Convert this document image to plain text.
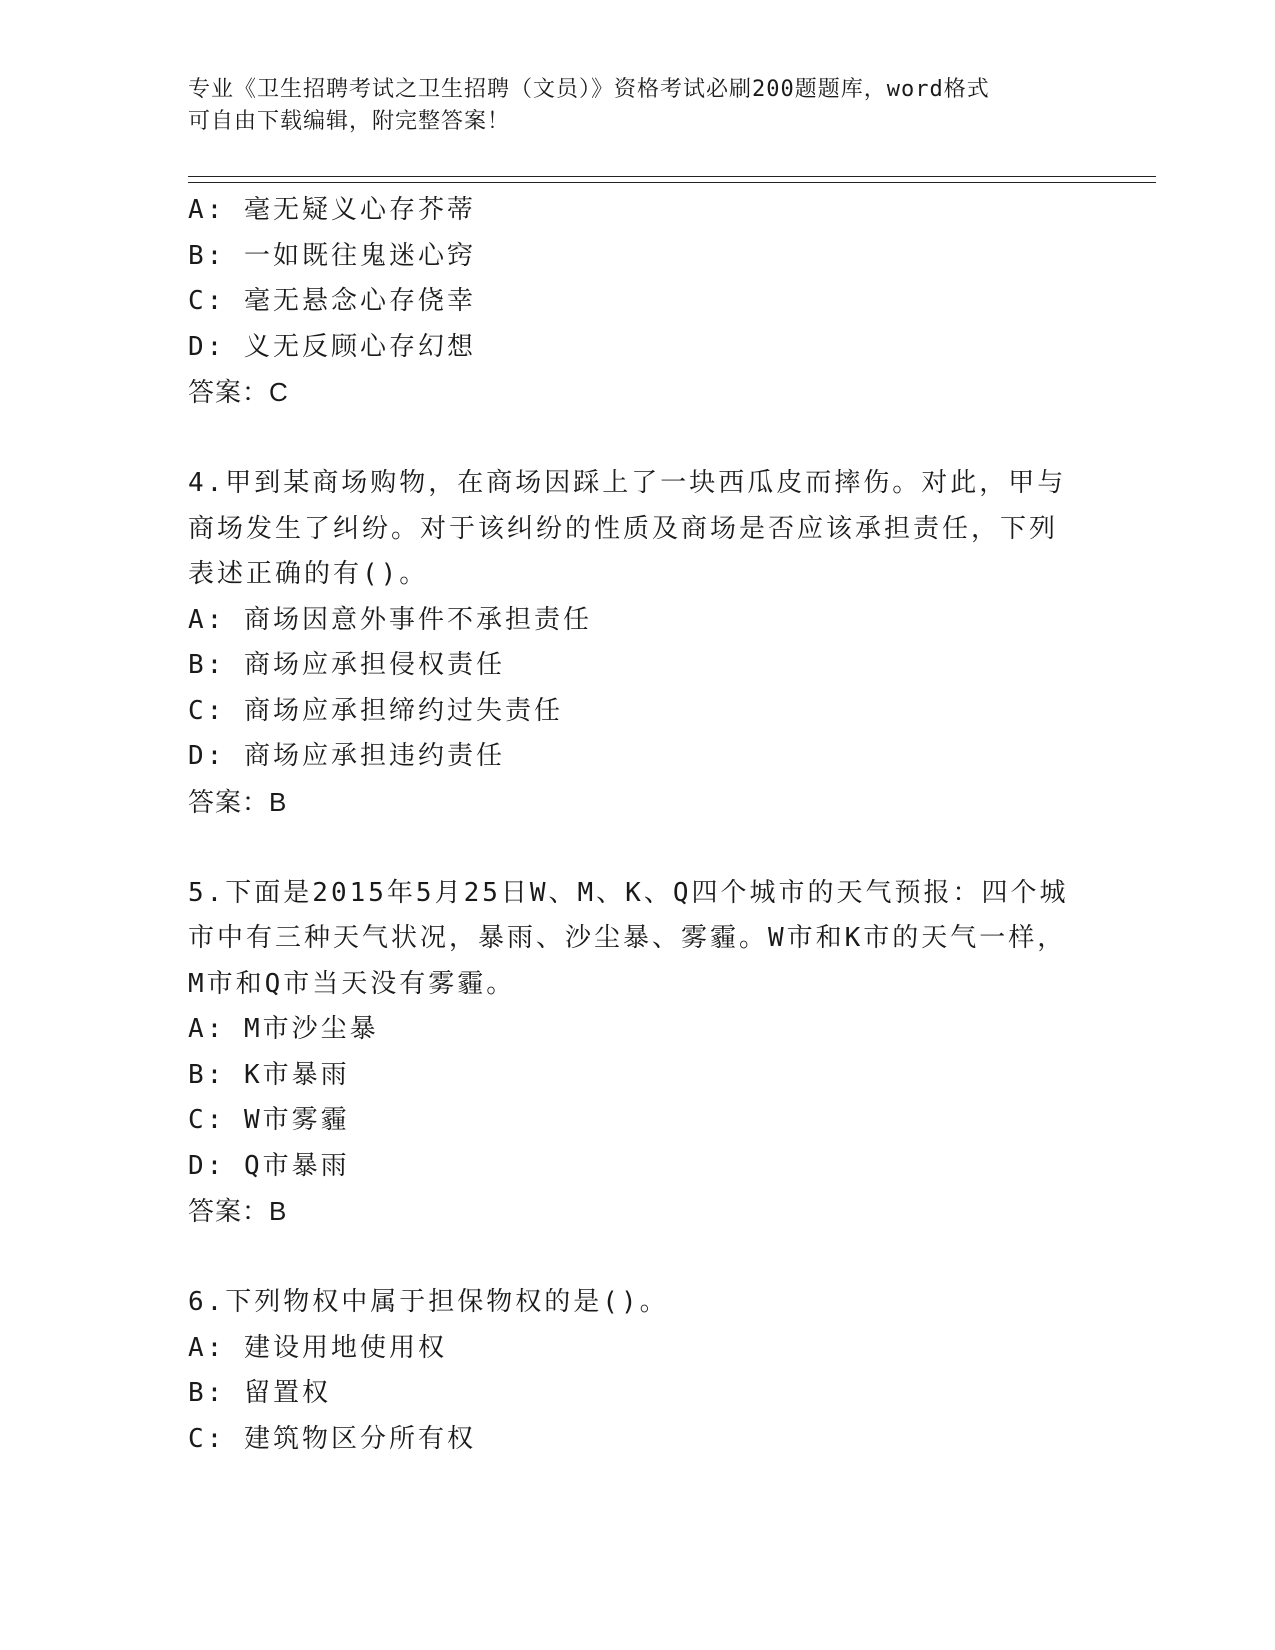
专业《卫生招聘考试之卫生招聘（文员）》资格考试必刷200题题库，word格式
可自由下载编辑，附完整答案！
A: 毫无疑义心存芥蒂
B: 一如既往鬼迷心窍
C: 毫无悬念心存侥幸
D: 义无反顾心存幻想
答案：C
4.甲到某商场购物，在商场因踩上了一块西瓜皮而摔伤。对此，甲与
商场发生了纠纷。对于该纠纷的性质及商场是否应该承担责任，下列
表述正确的有()。
A: 商场因意外事件不承担责任
B: 商场应承担侵权责任
C: 商场应承担缔约过失责任
D: 商场应承担违约责任
答案：B
5.下面是2015年5月25日W、M、K、Q四个城市的天气预报：四个城
市中有三种天气状况，暴雨、沙尘暴、雾霾。W市和K市的天气一样，
M市和Q市当天没有雾霾。
A: M市沙尘暴
B: K市暴雨
C: W市雾霾
D: Q市暴雨
答案：B
6.下列物权中属于担保物权的是()。
A: 建设用地使用权
B: 留置权
C: 建筑物区分所有权
